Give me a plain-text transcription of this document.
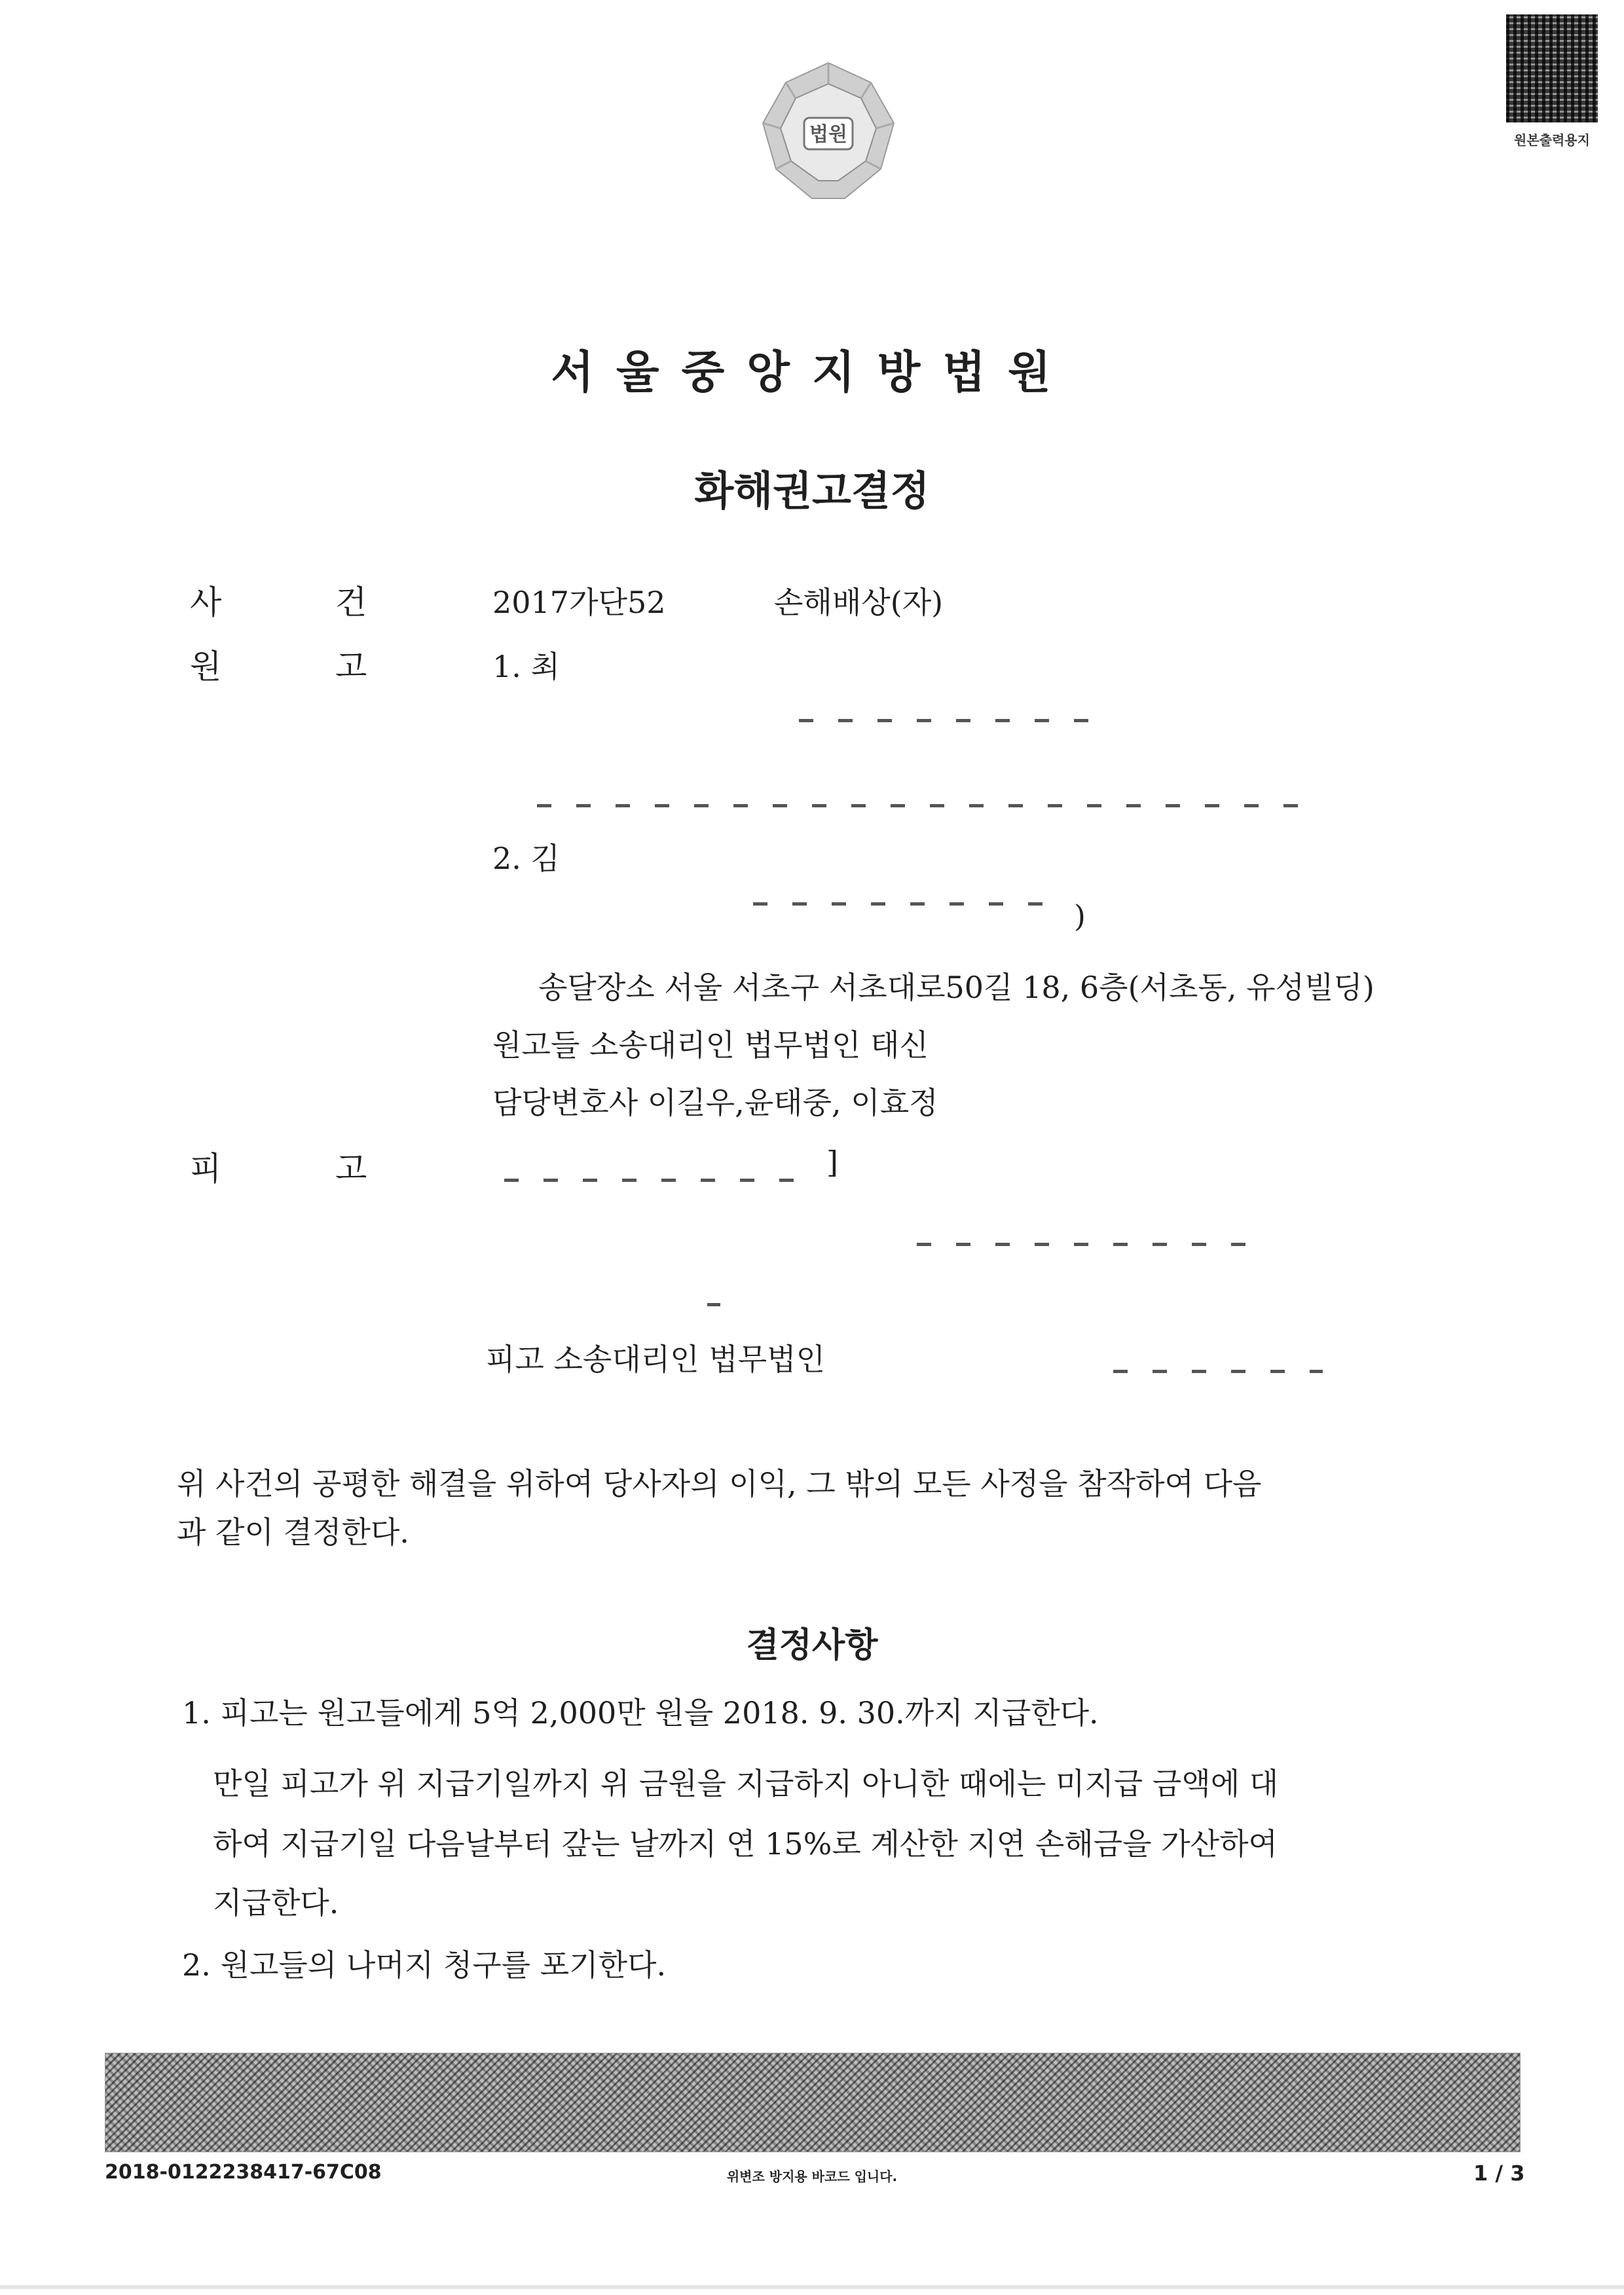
법원	원본출력용지
서울중앙지방법원
화해권고결정
사	건	2017가단52	손해배상(자)
원	고	1. 최
2. 김
)
송달장소 서울 서초구 서초대로50길 18, 6층(서초동, 유성빌딩)
원고들 소송대리인 법무법인 태신
담당변호사 이길우,윤태중, 이효정
피	고	]
피고 소송대리인 법무법인
위 사건의 공평한 해결을 위하여 당사자의 이익, 그 밖의 모든 사정을 참작하여 다음
과 같이 결정한다.
결정사항
1. 피고는 원고들에게 5억 2,000만 원을 2018. 9. 30.까지 지급한다.
만일 피고가 위 지급기일까지 위 금원을 지급하지 아니한 때에는 미지급 금액에 대
하여 지급기일 다음날부터 갚는 날까지 연 15%로 계산한 지연 손해금을 가산하여
지급한다.
2. 원고들의 나머지 청구를 포기한다.
2018-0122238417-67C08	위변조 방지용 바코드 입니다.	1 / 3
